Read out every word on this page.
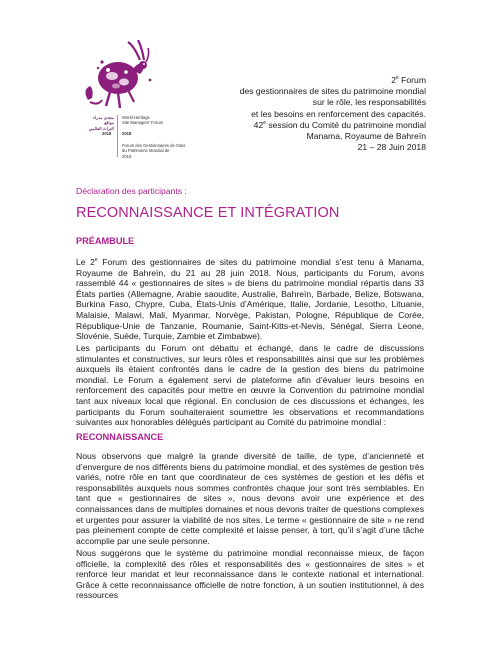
منتدى مدراء مواقع
التراث العالمي
World Heritage
Site Managers' Forum
2018	2018
Forum des Gestionnaires de Sites
du Patrimoine Mondial de
2018
2e Forum
des gestionnaires de sites du patrimoine mondial
sur le rôle, les responsabilités
et les besoins en renforcement des capacités.
42e session du Comité du patrimoine mondial
Manama, Royaume de Bahreïn
21 – 28 Juin 2018
Déclaration des participants :
RECONNAISSANCE ET INTÉGRATION
PRÉAMBULE
Le 2e Forum des gestionnaires de sites du patrimoine mondial s’est tenu à Manama, Royaume de Bahreïn, du 21 au 28 juin 2018. Nous, participants du Forum, avons rassemblé 44 « gestionnaires de sites » de biens du patrimoine mondial répartis dans 33 États parties (Allemagne, Arabie saoudite, Australie, Bahreïn, Barbade, Belize, Botswana, Burkina Faso, Chypre, Cuba, États-Unis d’Amérique, Italie, Jordanie, Lesotho, Lituanie, Malaisie, Malawi, Mali, Myanmar, Norvège, Pakistan, Pologne, République de Corée, République-Unie de Tanzanie, Roumanie, Saint-Kitts-et-Nevis, Sénégal, Sierra Leone, Slovénie, Suède, Turquie, Zambie et Zimbabwe).
Les participants du Forum ont débattu et échangé, dans le cadre de discussions stimulantes et constructives, sur leurs rôles et responsabilités ainsi que sur les problèmes auxquels ils étaient confrontés dans le cadre de la gestion des biens du patrimoine mondial. Le Forum a également servi de plateforme afin d’évaluer leurs besoins en renforcement des capacités pour mettre en œuvre la Convention du patrimoine mondial tant aux niveaux local que régional. En conclusion de ces discussions et échanges, les participants du Forum souhaiteraient soumettre les observations et recommandations suivantes aux honorables délégués participant au Comité du patrimoine mondial :
RECONNAISSANCE
Nous observons que malgré la grande diversité de taille, de type, d’ancienneté et d’envergure de nos différents biens du patrimoine mondial, et des systèmes de gestion très variés, notre rôle en tant que coordinateur de ces systèmes de gestion et les défis et responsabilités auxquels nous sommes confrontés chaque jour sont très semblables. En tant que « gestionnaires de sites », nous devons avoir une expérience et des connaissances dans de multiples domaines et nous devons traiter de questions complexes et urgentes pour assurer la viabilité de nos sites. Le terme « gestionnaire de site » ne rend pas pleinement compte de cette complexité et laisse penser, à tort, qu’il s’agit d’une tâche accomplie par une seule personne.
Nous suggérons que le système du patrimoine mondial reconnaisse mieux, de façon officielle, la complexité des rôles et responsabilités des « gestionnaires de sites » et renforce leur mandat et leur reconnaissance dans le contexte national et international. Grâce à cette reconnaissance officielle de notre fonction, à un soutien institutionnel, à des ressources
